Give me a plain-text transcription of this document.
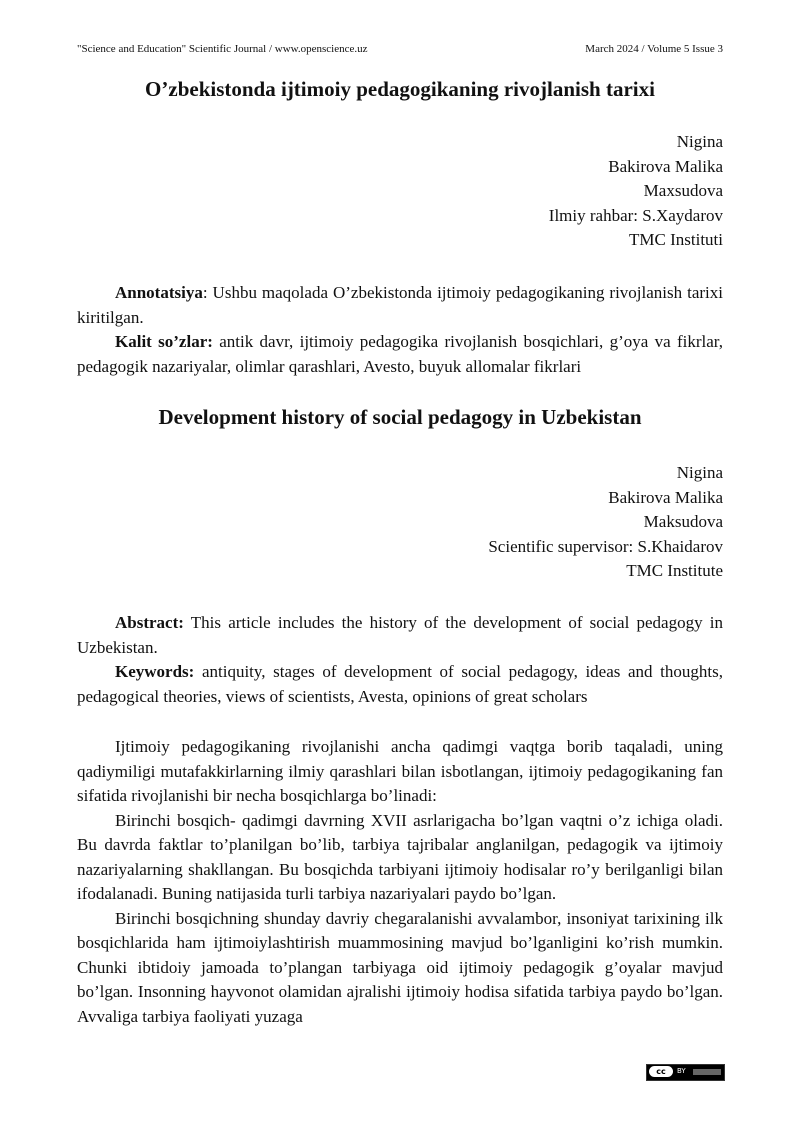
"Science and Education" Scientific Journal / www.openscience.uz	March 2024 / Volume 5 Issue 3
O’zbekistonda ijtimoiy pedagogikaning rivojlanish tarixi
Nigina
Bakirova Malika
Maxsudova
Ilmiy rahbar: S.Xaydarov
TMC Instituti

Annotatsiya: Ushbu maqolada O’zbekistonda ijtimoiy pedagogikaning rivojlanish tarixi kiritilgan.

Kalit so’zlar: antik davr, ijtimoiy pedagogika rivojlanish bosqichlari, g’oya va fikrlar, pedagogik nazariyalar, olimlar qarashlari, Avesto, buyuk allomalar fikrlari

Development history of social pedagogy in Uzbekistan
Nigina
Bakirova Malika
Maksudova
Scientific supervisor: S.Khaidarov
TMC Institute

Abstract: This article includes the history of the development of social pedagogy in Uzbekistan.

Keywords: antiquity, stages of development of social pedagogy, ideas and thoughts, pedagogical theories, views of scientists, Avesta, opinions of great scholars

Ijtimoiy pedagogikaning rivojlanishi ancha qadimgi vaqtga borib taqaladi, uning qadiymiligi mutafakkirlarning ilmiy qarashlari bilan isbotlangan, ijtimoiy pedagogikaning fan sifatida rivojlanishi bir necha bosqichlarga bo’linadi:

Birinchi bosqich- qadimgi davrning XVII asrlarigacha bo’lgan vaqtni o’z ichiga oladi. Bu davrda faktlar to’planilgan bo’lib, tarbiya tajribalar anglanilgan, pedagogik va ijtimoiy nazariyalarning shakllangan. Bu bosqichda tarbiyani ijtimoiy hodisalar ro’y berilganligi bilan ifodalanadi. Buning natijasida turli tarbiya nazariyalari paydo bo’lgan.

Birinchi bosqichning shunday davriy chegaralanishi avvalambor, insoniyat tarixining ilk bosqichlarida ham ijtimoiylashtirish muammosining mavjud bo’lganligini ko’rish mumkin. Chunki ibtidoiy jamoada to’plangan tarbiyaga oid ijtimoiy pedagogik g’oyalar mavjud bo’lgan. Insonning hayvonot olamidan ajralishi ijtimoiy hodisa sifatida tarbiya paydo bo’lgan. Avvaliga tarbiya faoliyati yuzaga

cc	BY
